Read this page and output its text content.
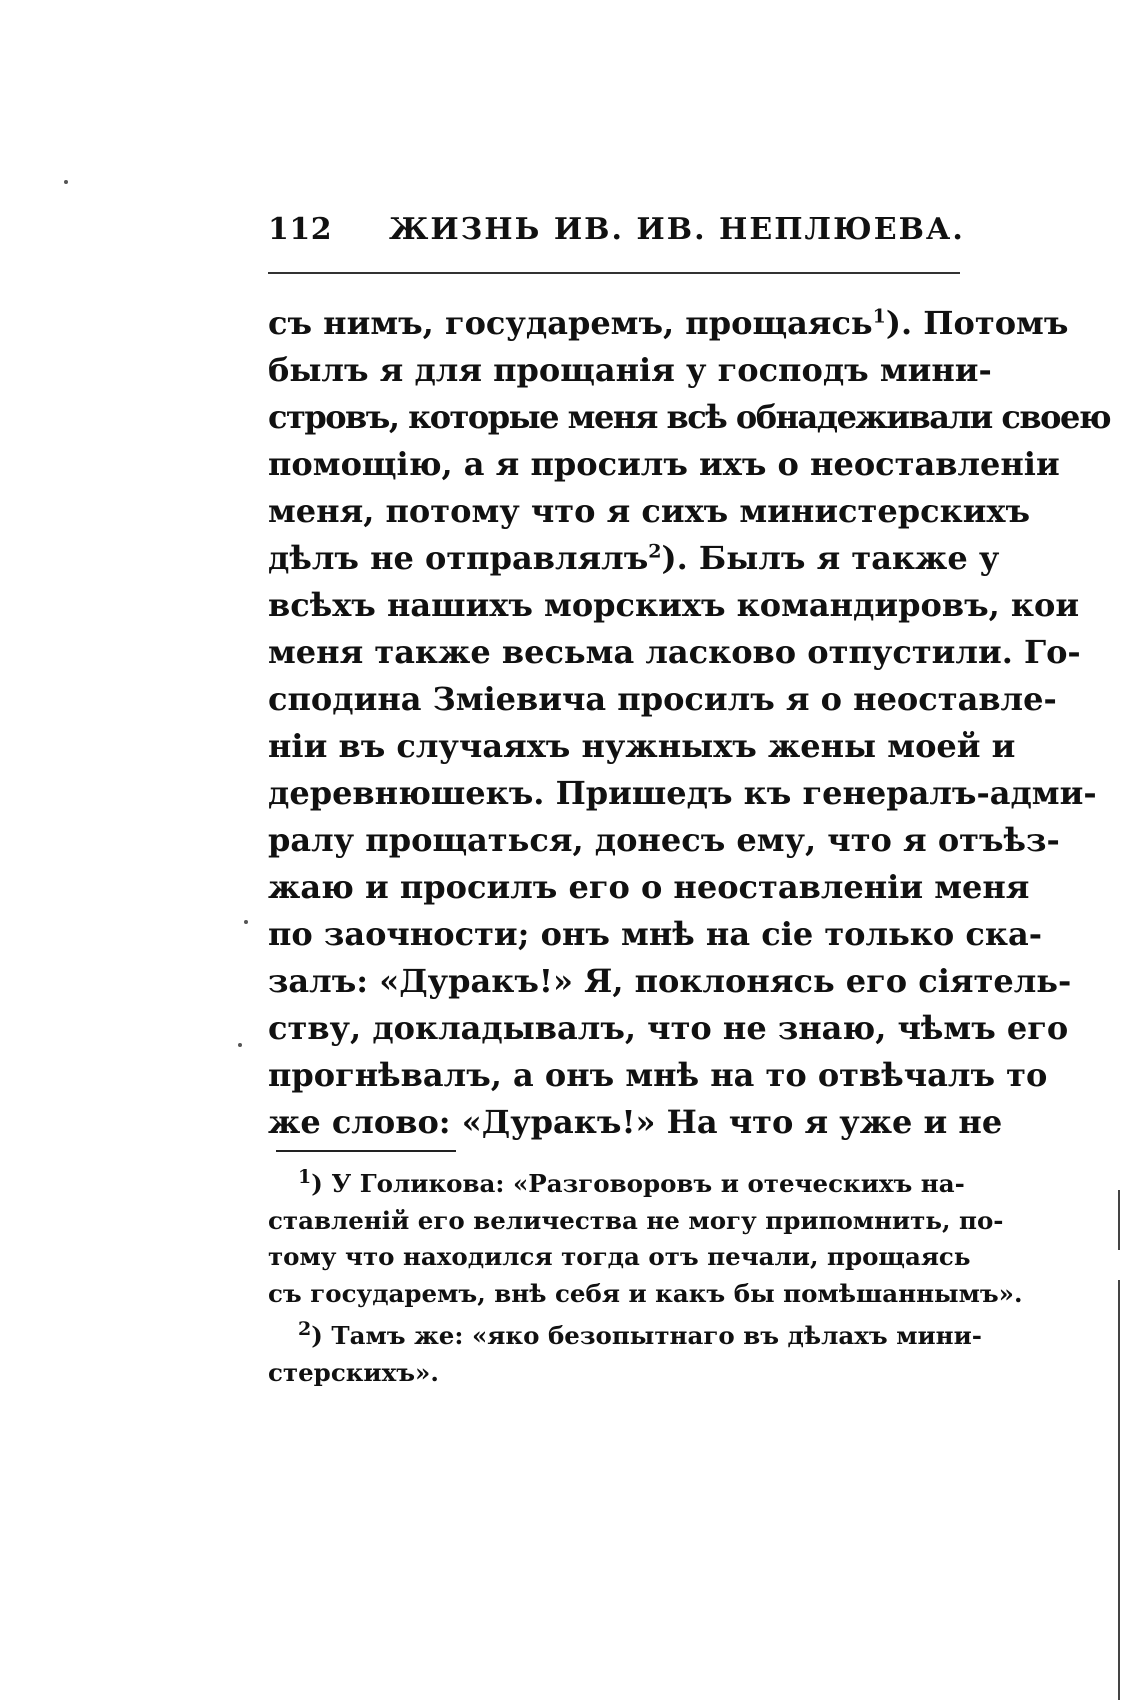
112 ЖИЗНЬ ИВ. ИВ. НЕПЛЮЕВА.
съ нимъ, государемъ, прощаясь$^1$). Потомъ
былъ я для прощанія у господъ мини-
стровъ, которые меня всѣ обнадеживали своею
помощію, а я просилъ ихъ о неоставленіи
меня, потому что я сихъ министерскихъ
дѣлъ не отправлялъ$^2$). Былъ я также у
всѣхъ нашихъ морскихъ командировъ, кои
меня также весьма ласково отпустили. Го-
сподина Зміевича просилъ я о неоставле-
ніи въ случаяхъ нужныхъ жены моей и
деревнюшекъ. Пришедъ къ генералъ-адми-
ралу прощаться, донесъ ему, что я отъѣз-
жаю и просилъ его о неоставленіи меня
по заочности; онъ мнѣ на сіе только ска-
залъ: «Дуракъ!» Я, поклонясь его сіятель-
ству, докладывалъ, что не знаю, чѣмъ его
прогнѣвалъ, а онъ мнѣ на то отвѣчалъ то
же слово: «Дуракъ!» На что я уже и не
$^1$) У Голикова: «Разговоровъ и отеческихъ на-
ставленій его величества не могу припомнить, по-
тому что находился тогда отъ печали, прощаясь
съ государемъ, внѣ себя и какъ бы помѣшаннымъ».
$^2$) Тамъ же: «яко безопытнаго въ дѣлахъ мини-
стерскихъ».
